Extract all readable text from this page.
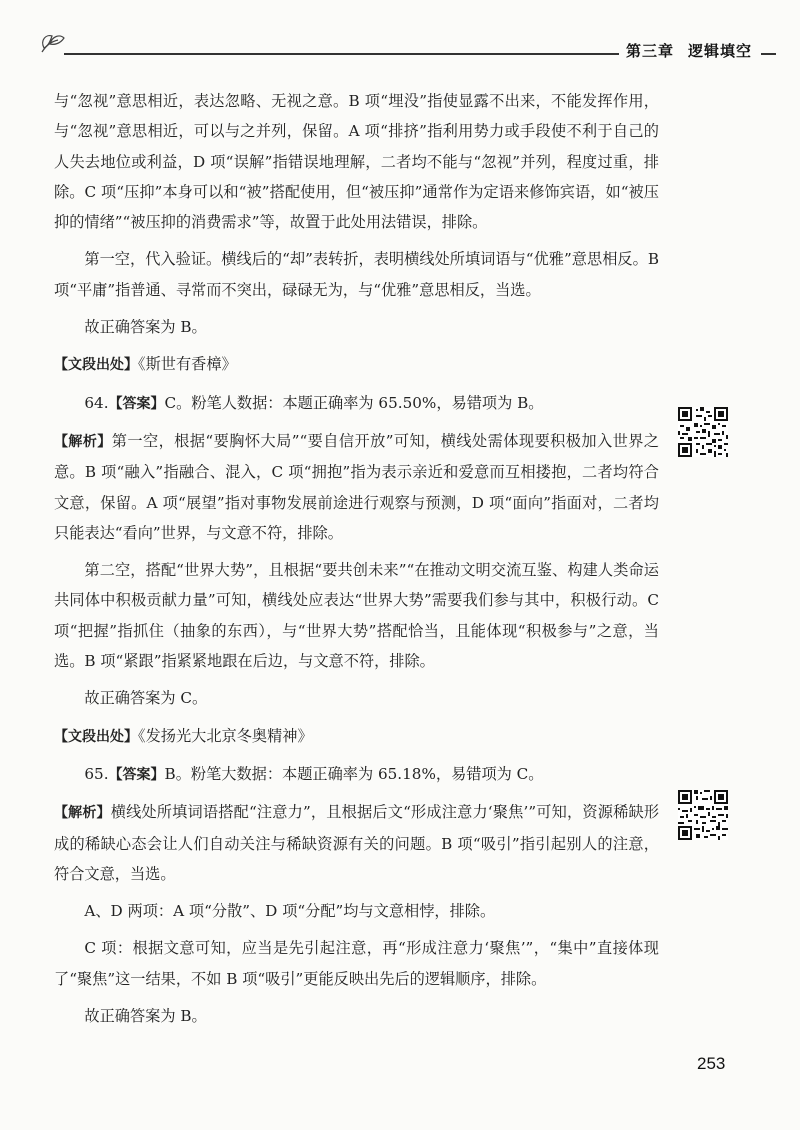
第三章 逻辑填空

与“忽视”意思相近，表达忽略、无视之意。B 项“埋没”指使显露不出来，不能发挥作用，与“忽视”意思相近，可以与之并列，保留。A 项“排挤”指利用势力或手段使不利于自己的人失去地位或利益，D 项“误解”指错误地理解，二者均不能与“忽视”并列，程度过重，排除。C 项“压抑”本身可以和“被”搭配使用，但“被压抑”通常作为定语来修饰宾语，如“被压抑的情绪”“被压抑的消费需求”等，故置于此处用法错误，排除。

第一空，代入验证。横线后的“却”表转折，表明横线处所填词语与“优雅”意思相反。B 项“平庸”指普通、寻常而不突出，碌碌无为，与“优雅”意思相反，当选。

故正确答案为 B。

【文段出处】《斯世有香樟》

64.【答案】C。粉笔人数据：本题正确率为 65.50%，易错项为 B。

【解析】第一空，根据“要胸怀大局”“要自信开放”可知，横线处需体现要积极加入世界之意。B 项“融入”指融合、混入，C 项“拥抱”指为表示亲近和爱意而互相搂抱，二者均符合文意，保留。A 项“展望”指对事物发展前途进行观察与预测，D 项“面向”指面对，二者均只能表达“看向”世界，与文意不符，排除。

第二空，搭配“世界大势”，且根据“要共创未来”“在推动文明交流互鉴、构建人类命运共同体中积极贡献力量”可知，横线处应表达“世界大势”需要我们参与其中，积极行动。C 项“把握”指抓住（抽象的东西），与“世界大势”搭配恰当，且能体现“积极参与”之意，当选。B 项“紧跟”指紧紧地跟在后边，与文意不符，排除。

故正确答案为 C。

【文段出处】《发扬光大北京冬奥精神》

65.【答案】B。粉笔大数据：本题正确率为 65.18%，易错项为 C。

【解析】横线处所填词语搭配“注意力”，且根据后文“形成注意力‘聚焦’”可知，资源稀缺形成的稀缺心态会让人们自动关注与稀缺资源有关的问题。B 项“吸引”指引起别人的注意，符合文意，当选。

A、D 两项：A 项“分散”、D 项“分配”均与文意相悖，排除。

C 项：根据文意可知，应当是先引起注意，再“形成注意力‘聚焦’”，“集中”直接体现了“聚焦”这一结果，不如 B 项“吸引”更能反映出先后的逻辑顺序，排除。

故正确答案为 B。

253
